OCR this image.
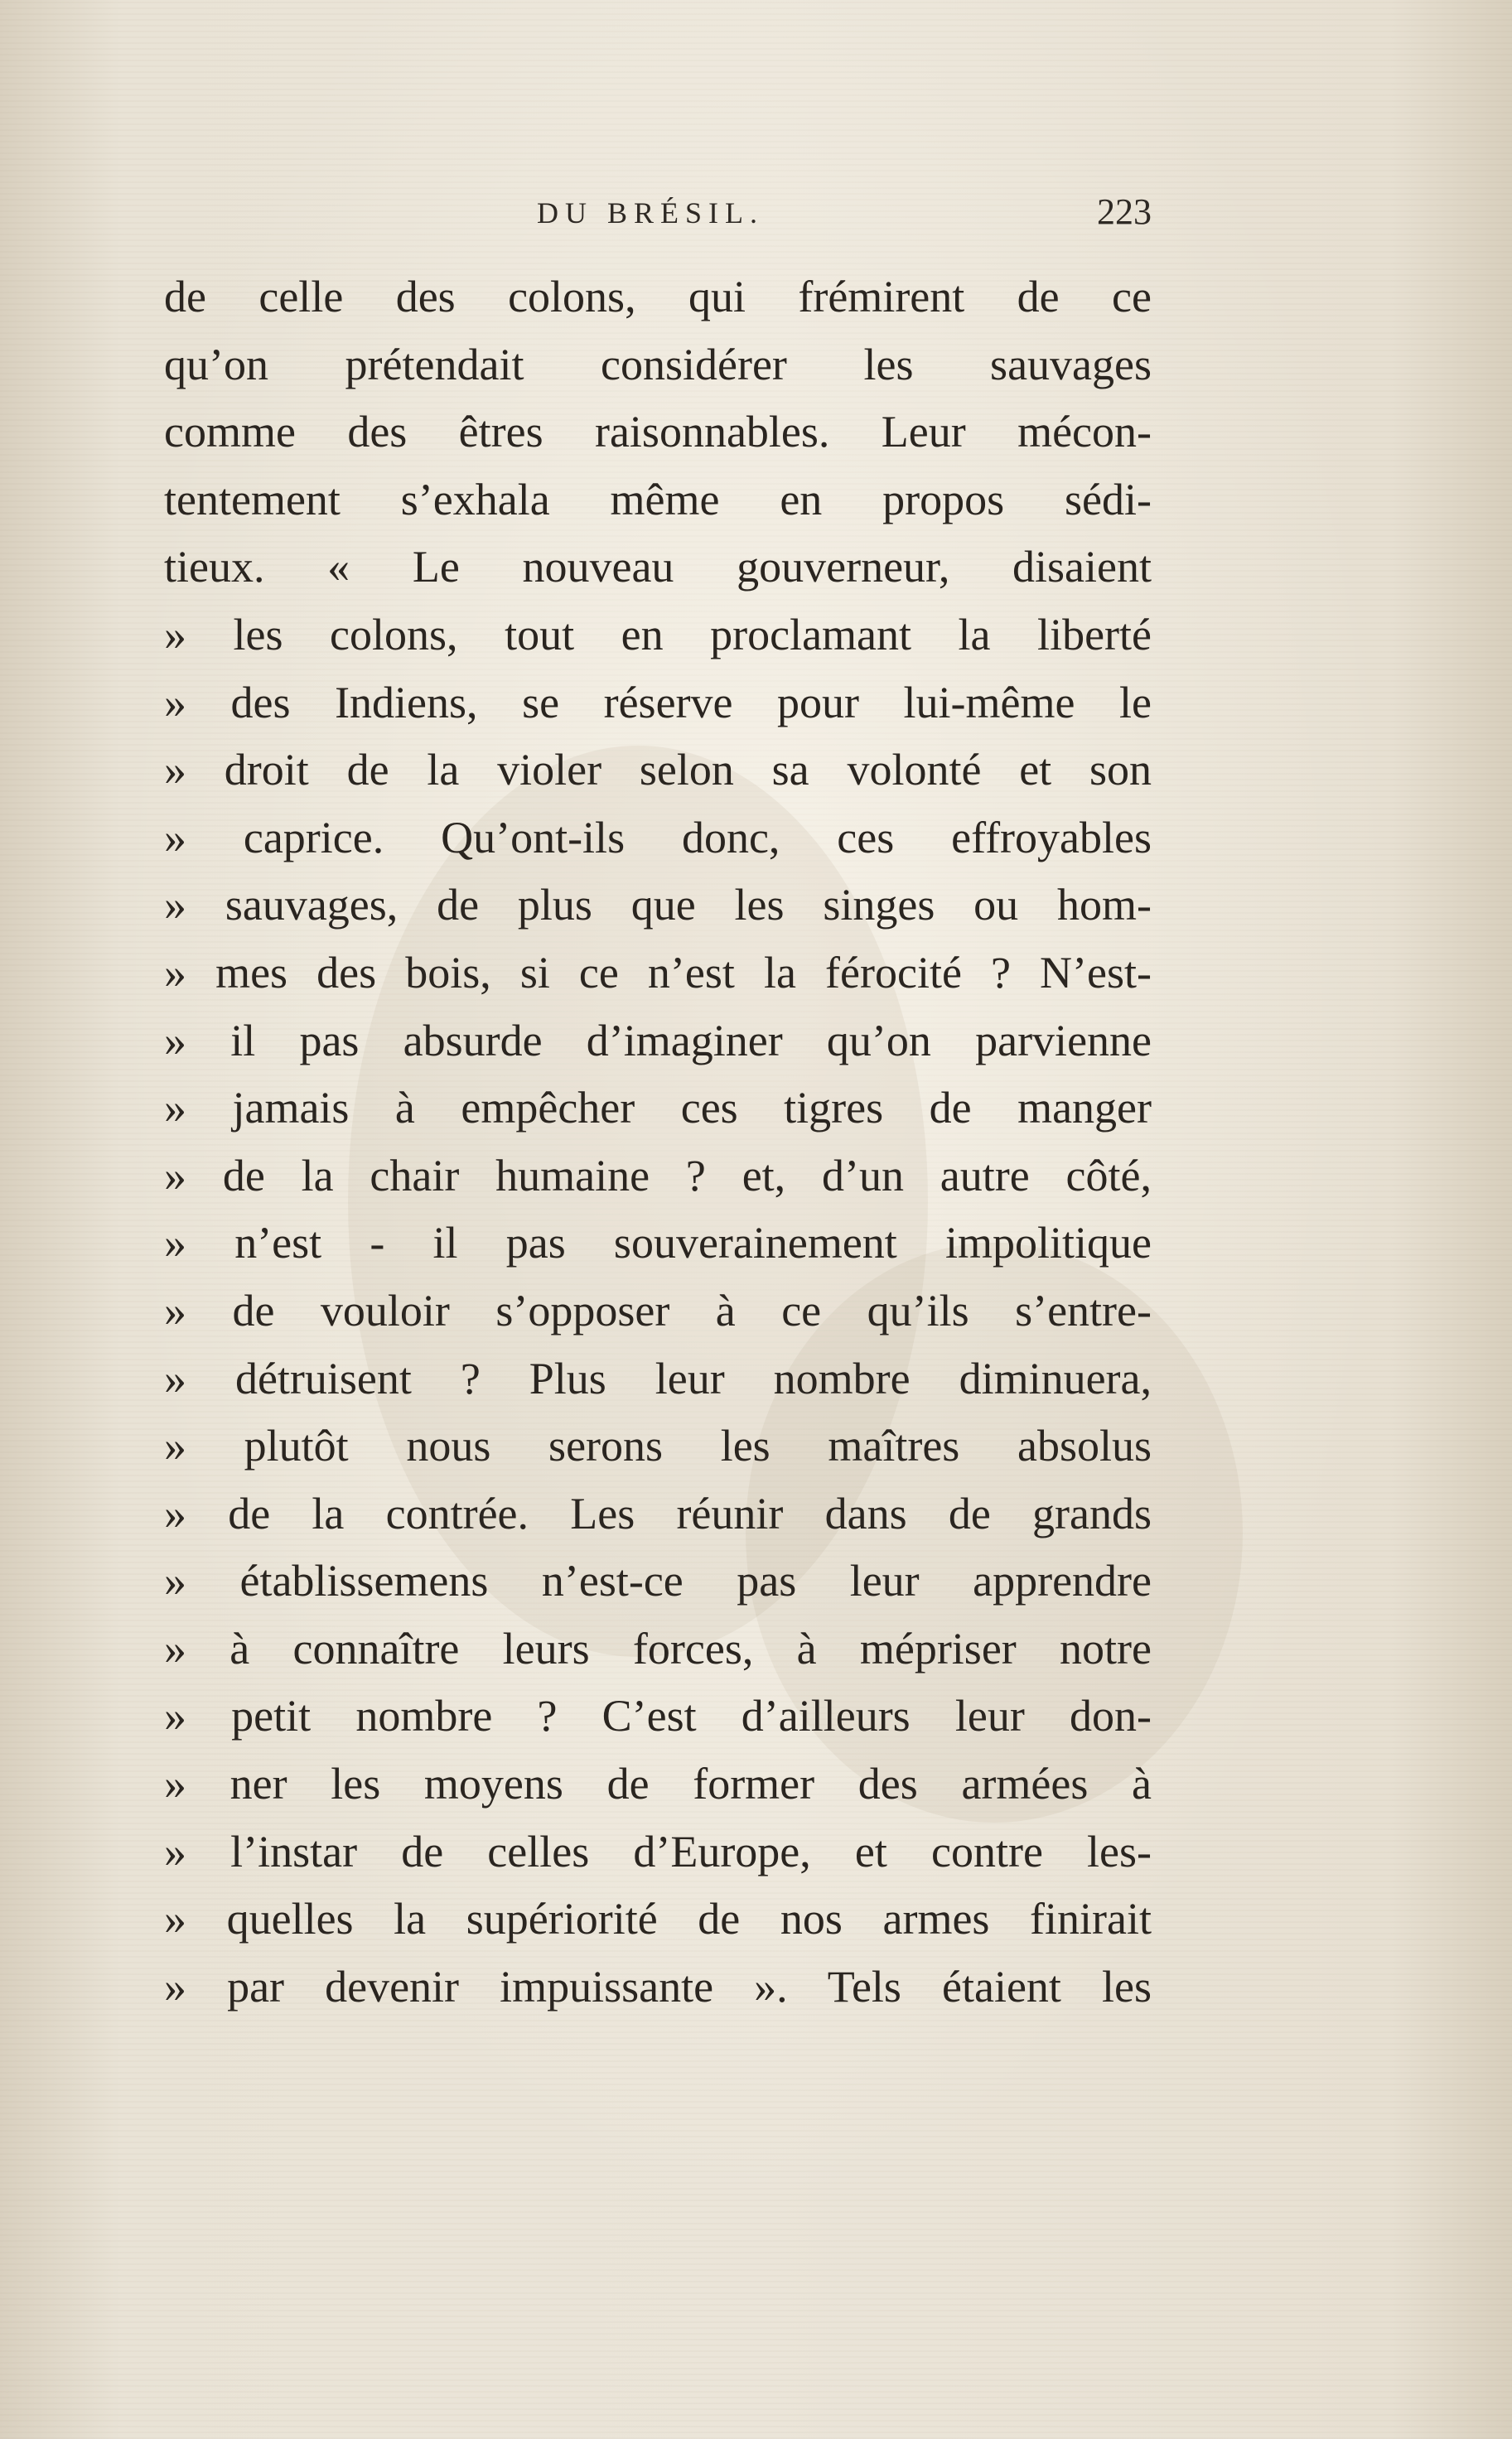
DU BRÉSIL.	223
de celle des colons, qui frémirent de ce
qu’on prétendait considérer les sauvages
comme des êtres raisonnables. Leur mécon-
tentement s’exhala même en propos sédi-
tieux. « Le nouveau gouverneur, disaient
» les colons, tout en proclamant la liberté
» des Indiens, se réserve pour lui-même le
» droit de la violer selon sa volonté et son
» caprice. Qu’ont-ils donc, ces effroyables
» sauvages, de plus que les singes ou hom-
» mes des bois, si ce n’est la férocité ? N’est-
» il pas absurde d’imaginer qu’on parvienne
» jamais à empêcher ces tigres de manger
» de la chair humaine ? et, d’un autre côté,
» n’est - il pas souverainement impolitique
» de vouloir s’opposer à ce qu’ils s’entre-
» détruisent ? Plus leur nombre diminuera,
» plutôt nous serons les maîtres absolus
» de la contrée. Les réunir dans de grands
» établissemens n’est-ce pas leur apprendre
» à connaître leurs forces, à mépriser notre
» petit nombre ? C’est d’ailleurs leur don-
» ner les moyens de former des armées à
» l’instar de celles d’Europe, et contre les-
» quelles la supériorité de nos armes finirait
» par devenir impuissante ». Tels étaient les
